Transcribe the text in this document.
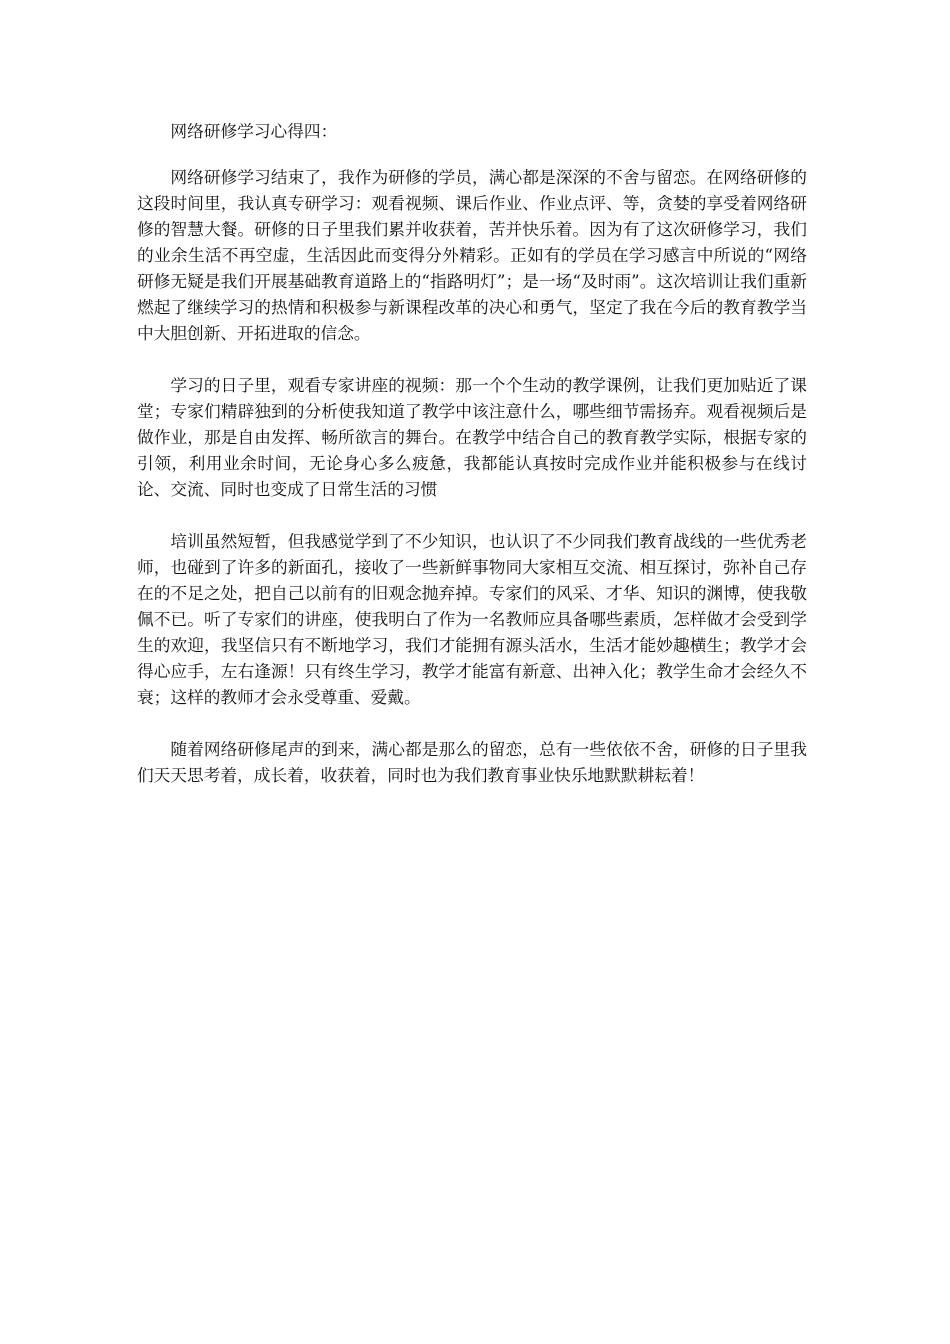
网络研修学习心得四：

网络研修学习结束了，我作为研修的学员，满心都是深深的不舍与留恋。在网络研修的这段时间里，我认真专研学习：观看视频、课后作业、作业点评、等，贪婪的享受着网络研修的智慧大餐。研修的日子里我们累并收获着，苦并快乐着。因为有了这次研修学习，我们的业余生活不再空虚，生活因此而变得分外精彩。正如有的学员在学习感言中所说的“网络研修无疑是我们开展基础教育道路上的“指路明灯”；是一场“及时雨”。这次培训让我们重新燃起了继续学习的热情和积极参与新课程改革的决心和勇气，坚定了我在今后的教育教学当中大胆创新、开拓进取的信念。

学习的日子里，观看专家讲座的视频：那一个个生动的教学课例，让我们更加贴近了课堂；专家们精辟独到的分析使我知道了教学中该注意什么，哪些细节需扬弃。观看视频后是做作业，那是自由发挥、畅所欲言的舞台。在教学中结合自己的教育教学实际，根据专家的引领，利用业余时间，无论身心多么疲惫，我都能认真按时完成作业并能积极参与在线讨论、交流、同时也变成了日常生活的习惯

培训虽然短暂，但我感觉学到了不少知识，也认识了不少同我们教育战线的一些优秀老师，也碰到了许多的新面孔，接收了一些新鲜事物同大家相互交流、相互探讨，弥补自己存在的不足之处，把自己以前有的旧观念抛弃掉。专家们的风采、才华、知识的渊博，使我敬佩不已。听了专家们的讲座，使我明白了作为一名教师应具备哪些素质，怎样做才会受到学生的欢迎，我坚信只有不断地学习，我们才能拥有源头活水，生活才能妙趣横生；教学才会得心应手，左右逢源！只有终生学习，教学才能富有新意、出神入化；教学生命才会经久不衰；这样的教师才会永受尊重、爱戴。

随着网络研修尾声的到来，满心都是那么的留恋，总有一些依依不舍，研修的日子里我们天天思考着，成长着，收获着，同时也为我们教育事业快乐地默默耕耘着！
